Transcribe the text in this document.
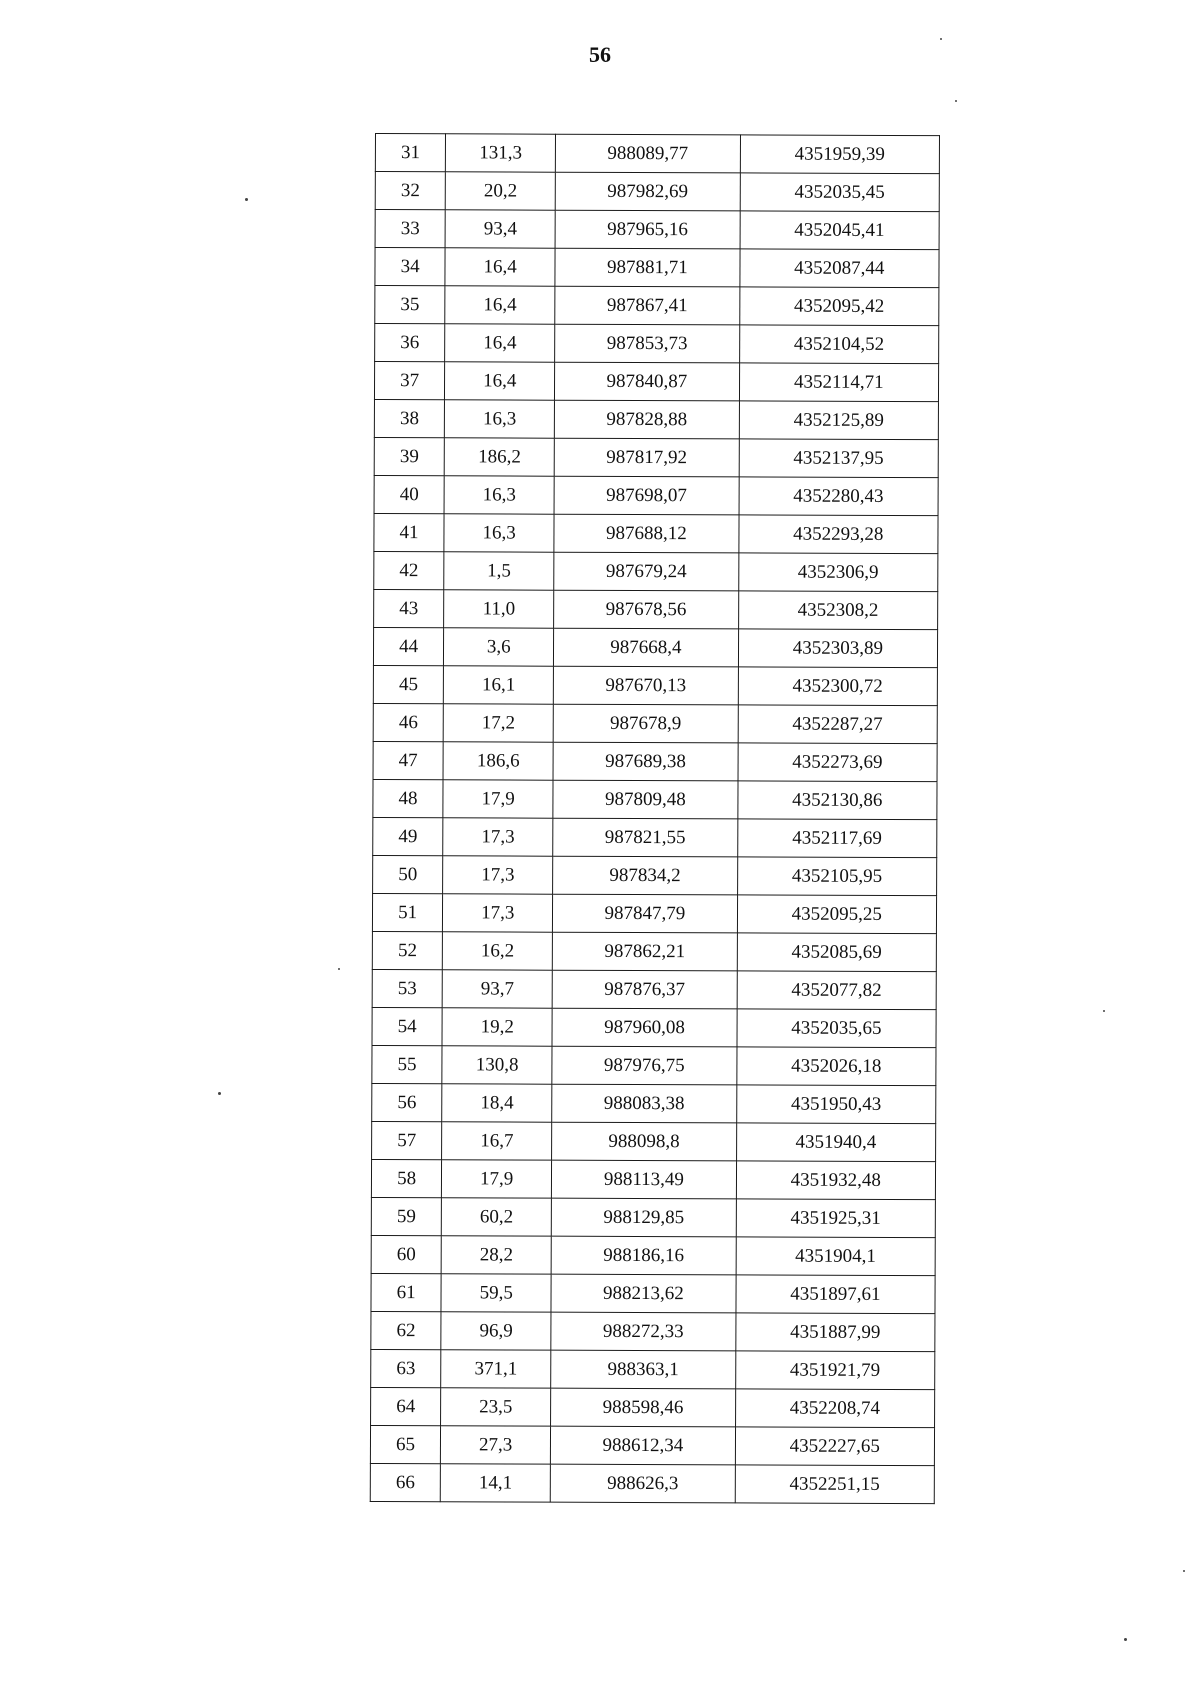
56
31	131,3	988089,77	4351959,39
32	20,2	987982,69	4352035,45
33	93,4	987965,16	4352045,41
34	16,4	987881,71	4352087,44
35	16,4	987867,41	4352095,42
36	16,4	987853,73	4352104,52
37	16,4	987840,87	4352114,71
38	16,3	987828,88	4352125,89
39	186,2	987817,92	4352137,95
40	16,3	987698,07	4352280,43
41	16,3	987688,12	4352293,28
42	1,5	987679,24	4352306,9
43	11,0	987678,56	4352308,2
44	3,6	987668,4	4352303,89
45	16,1	987670,13	4352300,72
46	17,2	987678,9	4352287,27
47	186,6	987689,38	4352273,69
48	17,9	987809,48	4352130,86
49	17,3	987821,55	4352117,69
50	17,3	987834,2	4352105,95
51	17,3	987847,79	4352095,25
52	16,2	987862,21	4352085,69
53	93,7	987876,37	4352077,82
54	19,2	987960,08	4352035,65
55	130,8	987976,75	4352026,18
56	18,4	988083,38	4351950,43
57	16,7	988098,8	4351940,4
58	17,9	988113,49	4351932,48
59	60,2	988129,85	4351925,31
60	28,2	988186,16	4351904,1
61	59,5	988213,62	4351897,61
62	96,9	988272,33	4351887,99
63	371,1	988363,1	4351921,79
64	23,5	988598,46	4352208,74
65	27,3	988612,34	4352227,65
66	14,1	988626,3	4352251,15
